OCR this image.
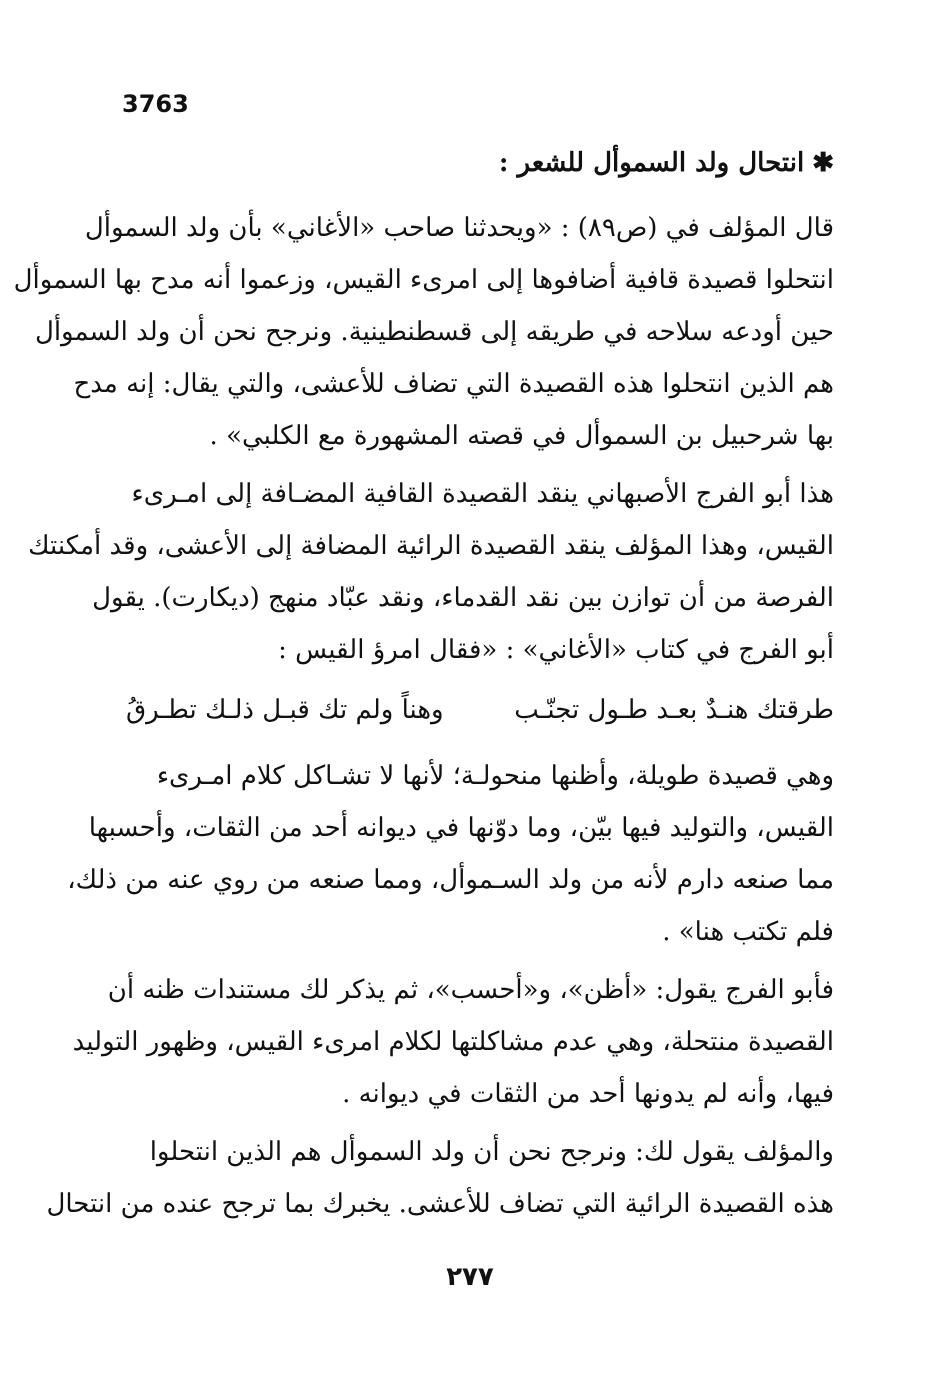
3763
✱انتحال ولد السموأل للشعر :
قال المؤلف في (ص٨٩) : «ويحدثنا صاحب «الأغاني» بأن ولد السموأل
انتحلوا قصيدة قافية أضافوها إلى امرىء القيس، وزعموا أنه مدح بها السموأل
حين أودعه سلاحه في طريقه إلى قسطنطينية. ونرجح نحن أن ولد السموأل
هم الذين انتحلوا هذه القصيدة التي تضاف للأعشى، والتي يقال: إنه مدح
بها شرحبيل بن السموأل في قصته المشهورة مع الكلبي» .
هذا أبو الفرج الأصبهاني ينقد القصيدة القافية المضـافة إلى امـرىء
القيس، وهذا المؤلف ينقد القصيدة الرائية المضافة إلى الأعشى، وقد أمكنتك
الفرصة من أن توازن بين نقد القدماء، ونقد عبّاد منهج (ديكارت). يقول
أبو الفرج في كتاب «الأغاني» : «فقال امرؤ القيس :
طرقتك هنـدٌ بعـد طـول تجنّـب
وهناً ولم تك قبـل ذلـك تطـرقُ
وهي قصيدة طويلة، وأظنها منحولـة؛ لأنها لا تشـاكل كلام امـرىء
القيس، والتوليد فيها بيّن، وما دوّنها في ديوانه أحد من الثقات، وأحسبها
مما صنعه دارم لأنه من ولد السـموأل، ومما صنعه من روي عنه من ذلك،
فلم تكتب هنا» .
فأبو الفرج يقول: «أظن»، و«أحسب»، ثم يذكر لك مستندات ظنه أن
القصيدة منتحلة، وهي عدم مشاكلتها لكلام امرىء القيس، وظهور التوليد
فيها، وأنه لم يدونها أحد من الثقات في ديوانه .
والمؤلف يقول لك: ونرجح نحن أن ولد السموأل هم الذين انتحلوا
هذه القصيدة الرائية التي تضاف للأعشى. يخبرك بما ترجح عنده من انتحال
٢٧٧
